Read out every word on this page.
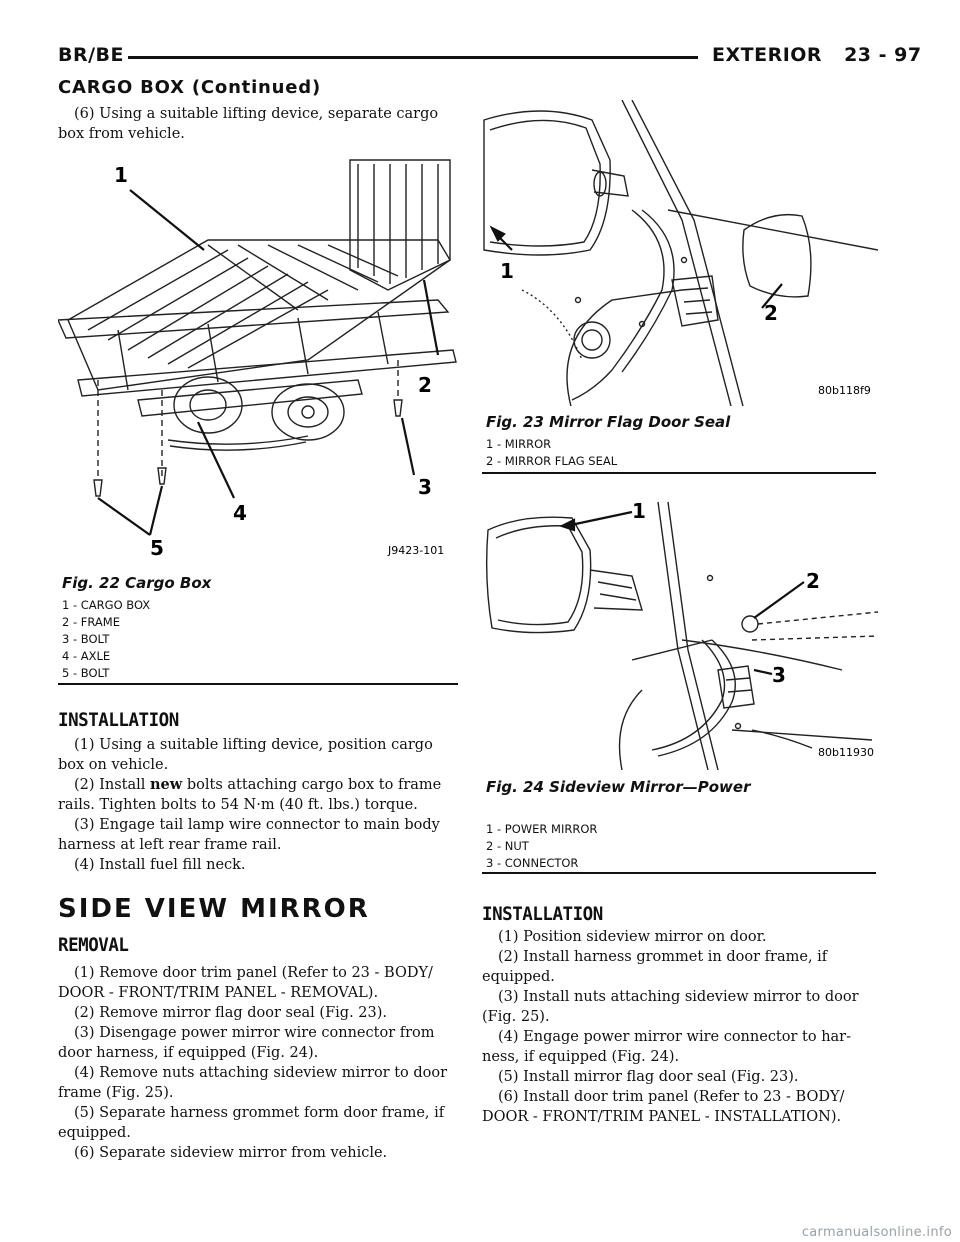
BR/BE	EXTERIOR 23 - 97
CARGO BOX (Continued)

(6) Using a suitable lifting device, separate cargo box from vehicle.

1
2
3
4
5	J9423-101
Fig. 22 Cargo Box
1 - CARGO BOX
2 - FRAME
3 - BOLT
4 - AXLE
5 - BOLT
INSTALLATION

(1) Using a suitable lifting device, position cargo box on vehicle.

(2) Install new bolts attaching cargo box to frame rails. Tighten bolts to 54 N·m (40 ft. lbs.) torque.

(3) Engage tail lamp wire connector to main body harness at left rear frame rail.

(4) Install fuel fill neck.

SIDE VIEW MIRROR
REMOVAL

(1) Remove door trim panel (Refer to 23 - BODY/ DOOR - FRONT/TRIM PANEL - REMOVAL).

(2) Remove mirror flag door seal (Fig. 23).

(3) Disengage power mirror wire connector from door harness, if equipped (Fig. 24).

(4) Remove nuts attaching sideview mirror to door frame (Fig. 25).

(5) Separate harness grommet form door frame, if equipped.

(6) Separate sideview mirror from vehicle.

1
2
80b118f9
Fig. 23 Mirror Flag Door Seal
1 - MIRROR
2 - MIRROR FLAG SEAL
1
2
3
80b11930
Fig. 24 Sideview Mirror—Power
1 - POWER MIRROR
2 - NUT
3 - CONNECTOR
INSTALLATION

(1) Position sideview mirror on door.

(2) Install harness grommet in door frame, if equipped.

(3) Install nuts attaching sideview mirror to door (Fig. 25).

(4) Engage power mirror wire connector to har- ness, if equipped (Fig. 24).

(5) Install mirror flag door seal (Fig. 23).

(6) Install door trim panel (Refer to 23 - BODY/ DOOR - FRONT/TRIM PANEL - INSTALLATION).

carmanualsonline.info
